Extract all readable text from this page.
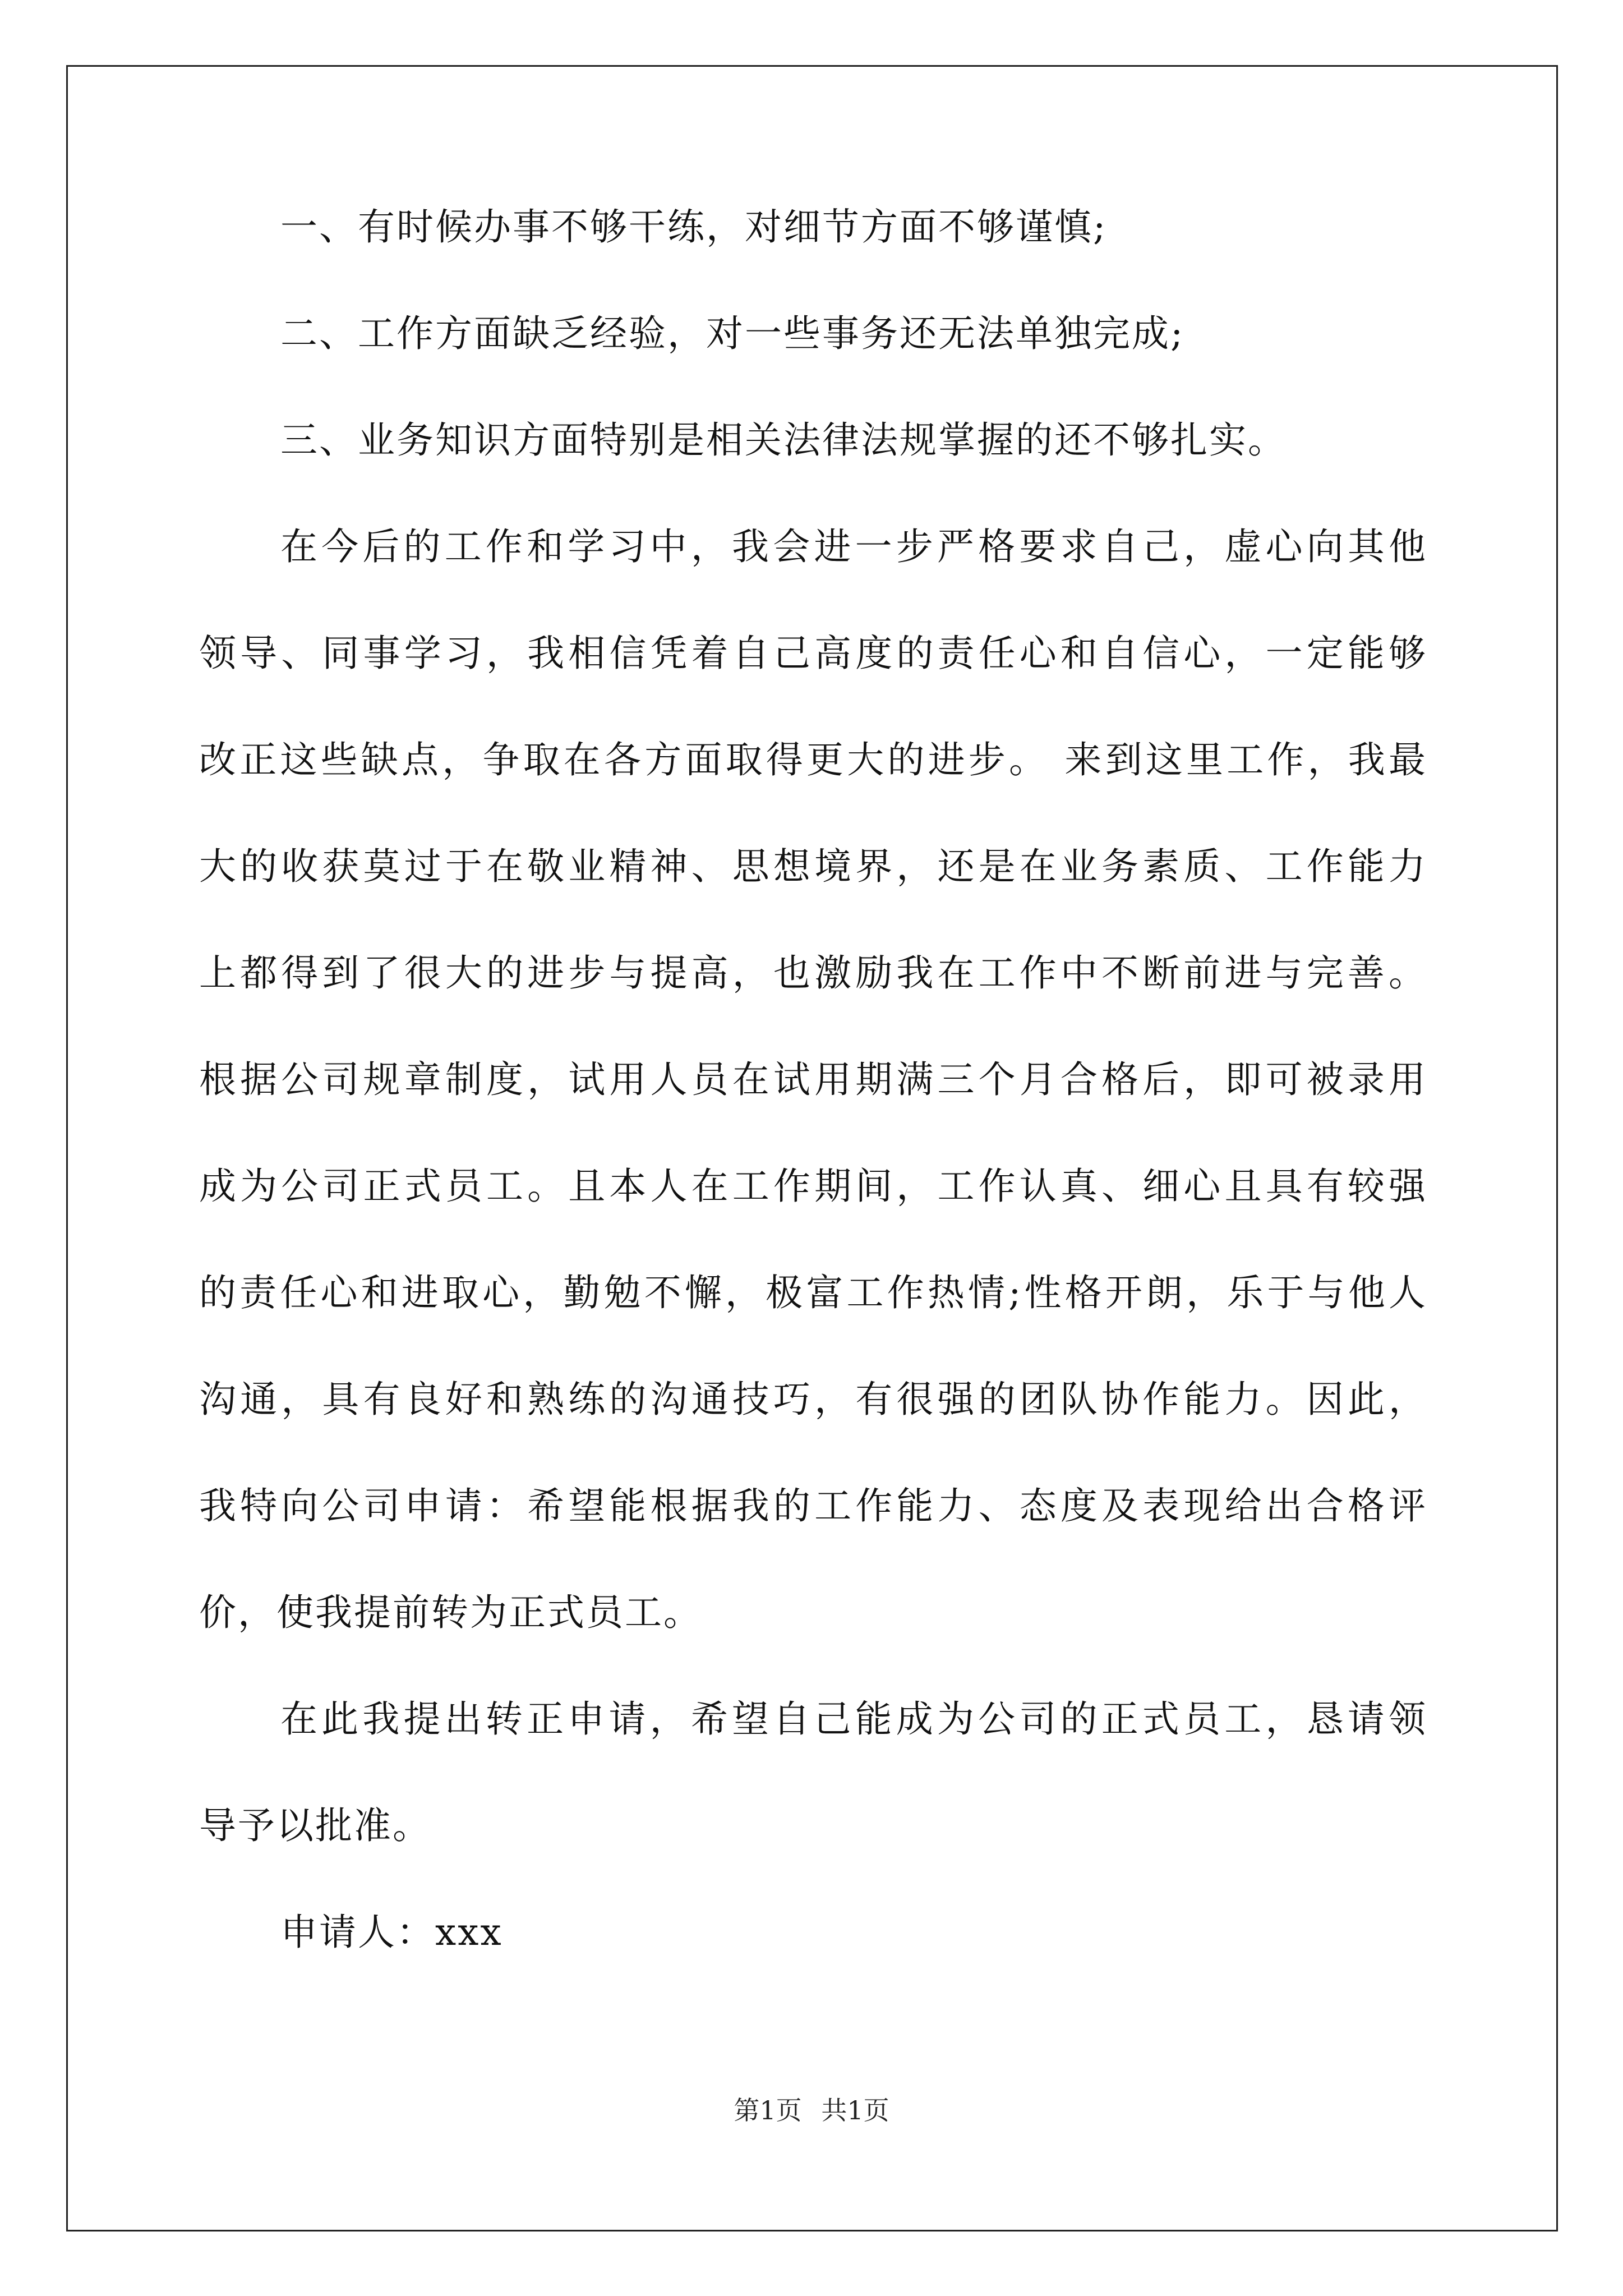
一、有时候办事不够干练，对细节方面不够谨慎;
二、工作方面缺乏经验，对一些事务还无法单独完成;
三、业务知识方面特别是相关法律法规掌握的还不够扎实。
在今后的工作和学习中，我会进一步严格要求自己，虚心向其他
领导、同事学习，我相信凭着自己高度的责任心和自信心，一定能够
改正这些缺点，争取在各方面取得更大的进步。 来到这里工作，我最
大的收获莫过于在敬业精神、思想境界，还是在业务素质、工作能力
上都得到了很大的进步与提高，也激励我在工作中不断前进与完善。
根据公司规章制度，试用人员在试用期满三个月合格后，即可被录用
成为公司正式员工。且本人在工作期间，工作认真、细心且具有较强
的责任心和进取心，勤勉不懈，极富工作热情;性格开朗，乐于与他人
沟通，具有良好和熟练的沟通技巧，有很强的团队协作能力。因此，
我特向公司申请：希望能根据我的工作能力、态度及表现给出合格评
价，使我提前转为正式员工。
在此我提出转正申请，希望自己能成为公司的正式员工，恳请领
导予以批准。
申请人：xxx
第1页 共1页
